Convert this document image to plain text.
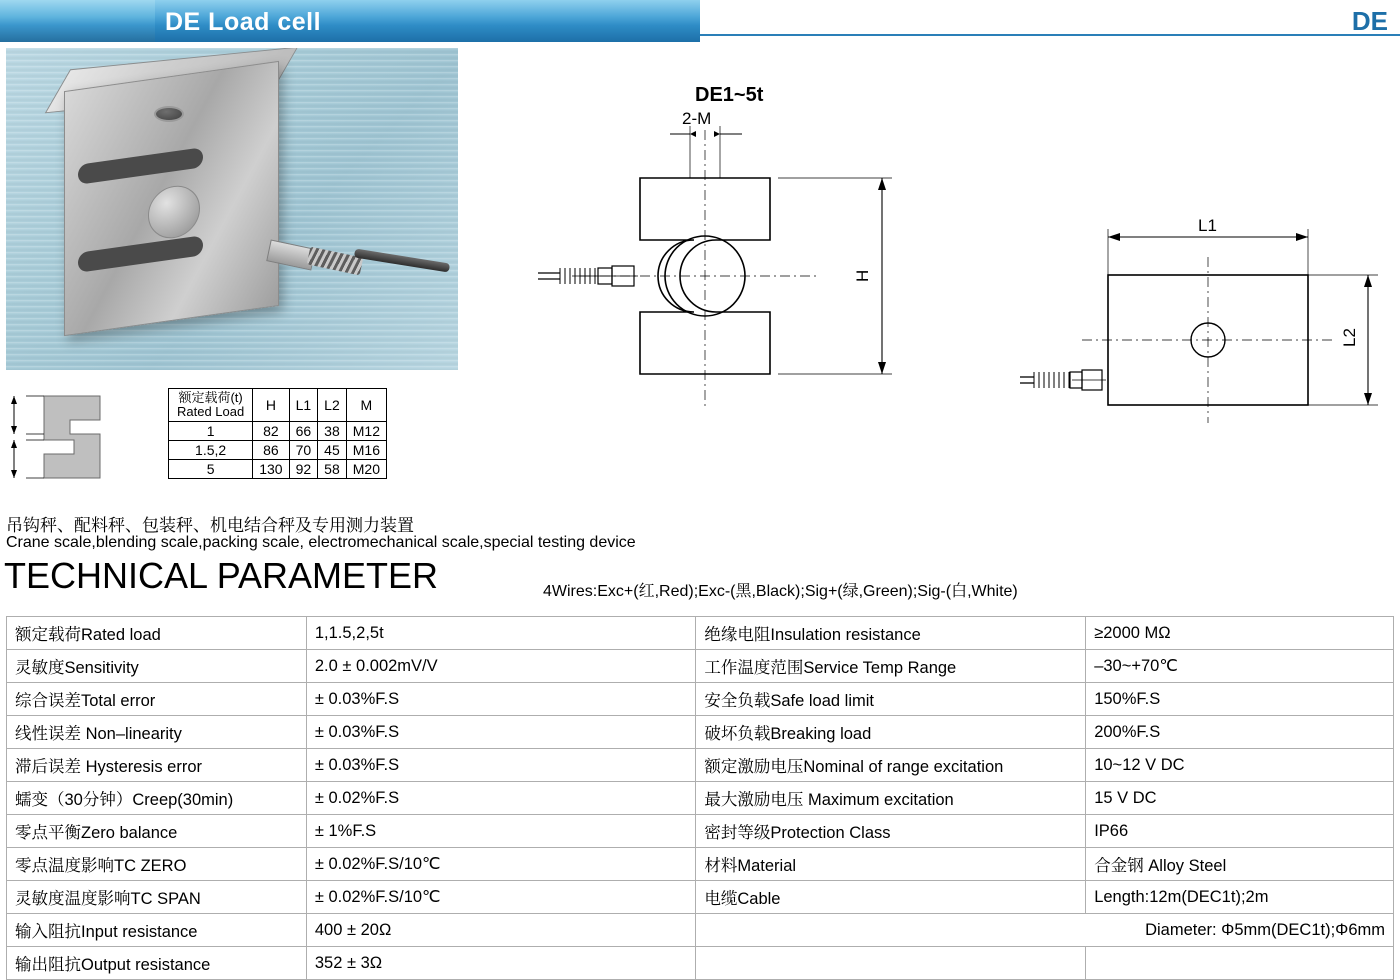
DE Load cell	DE
DE1~5t
2-M
H
L1
L2
额定载荷(t)
Rated Load	H	L1	L2	M
1	82	66	38	M12
1.5,2	86	70	45	M16
5	130	92	58	M20
吊钩秤、配料秤、包装秤、机电结合秤及专用测力装置
Crane scale,blending scale,packing scale, electromechanical scale,special testing device
TECHNICAL PARAMETER	4Wires:Exc+(红,Red);Exc-(黑,Black);Sig+(绿,Green);Sig-(白,White)
额定载荷Rated load	1,1.5,2,5t	绝缘电阻Insulation resistance	≥2000 MΩ
灵敏度Sensitivity	2.0 ± 0.002mV/V	工作温度范围Service Temp Range	–30~+70℃
综合误差Total error	± 0.03%F.S	安全负载Safe load limit	150%F.S
线性误差 Non–linearity	± 0.03%F.S	破坏负载Breaking load	200%F.S
滞后误差 Hysteresis error	± 0.03%F.S	额定激励电压Nominal of range excitation	10~12 V DC
蠕变（30分钟）Creep(30min)	± 0.02%F.S	最大激励电压 Maximum excitation	15 V DC
零点平衡Zero balance	± 1%F.S	密封等级Protection Class	IP66
零点温度影响TC ZERO	± 0.02%F.S/10℃	材料Material	合金钢 Alloy Steel
灵敏度温度影响TC SPAN	± 0.02%F.S/10℃	电缆Cable	Length:12m(DEC1t);2m
输入阻抗Input resistance	400 ± 20Ω	Diameter: Φ5mm(DEC1t);Φ6mm	
输出阻抗Output resistance	352 ± 3Ω		
